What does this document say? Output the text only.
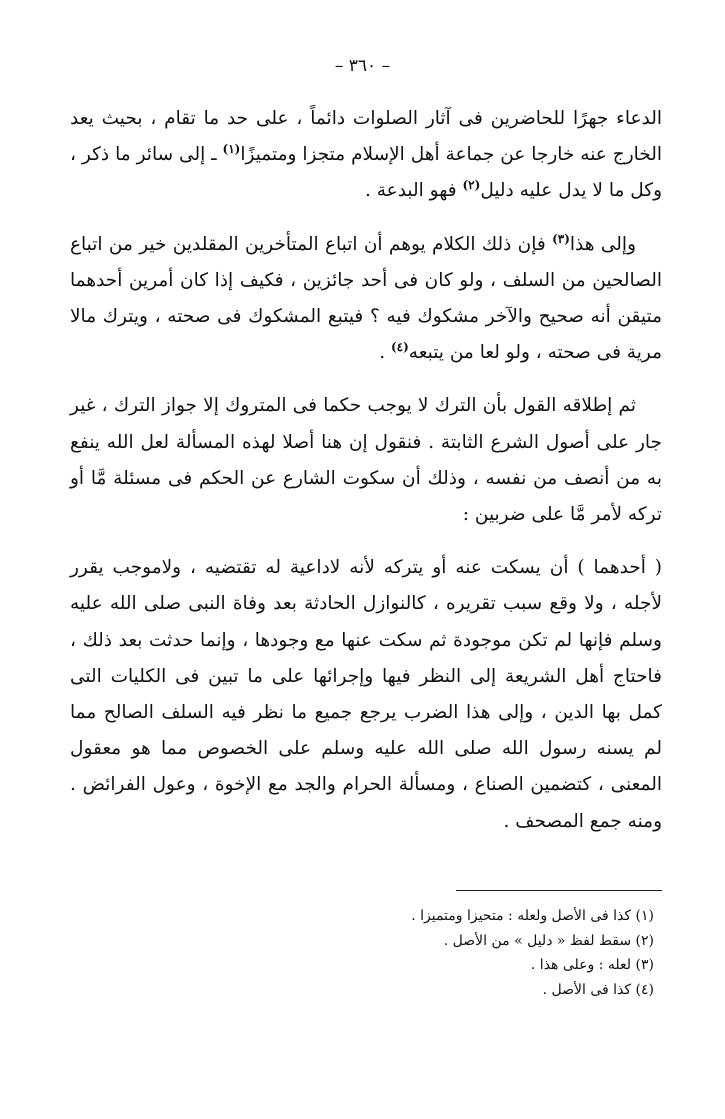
– ٣٦٠ –

الدعاء جهرًا للحاضرين فى آثار الصلوات دائماً ، على حد ما تقام ، بحيث يعد الخارج عنه خارجا عن جماعة أهل الإسلام متجزا ومتميزًا$^{(١)}$ ـ إلى سائر ما ذكر ، وكل ما لا يدل عليه دليل$^{(٢)}$ فهو البدعة .

وإلى هذا$^{(٣)}$ فإن ذلك الكلام يوهم أن اتباع المتأخرين المقلدين خير من اتباع الصالحين من السلف ، ولو كان فى أحد جائزين ، فكيف إذا كان أمرين أحدهما متيقن أنه صحيح والآخر مشكوك فيه ؟ فيتبع المشكوك فى صحته ، ويترك مالا مرية فى صحته ، ولو لعا من يتبعه$^{(٤)}$ .

ثم إطلاقه القول بأن الترك لا يوجب حكما فى المتروك إلا جواز الترك ، غير جار على أصول الشرع الثابتة . فنقول إن هنا أصلا لهذه المسألة لعل الله ينفع به من أنصف من نفسه ، وذلك أن سكوت الشارع عن الحكم فى مسئلة مَّا أو تركه لأمر مَّا على ضربين :

( أحدهما ) أن يسكت عنه أو يتركه لأنه لاداعية له تقتضيه ، ولاموجب يقرر لأجله ، ولا وقع سبب تقريره ، كالنوازل الحادثة بعد وفاة النبى صلى الله عليه وسلم فإنها لم تكن موجودة ثم سكت عنها مع وجودها ، وإنما حدثت بعد ذلك ، فاحتاج أهل الشريعة إلى النظر فيها وإجرائها على ما تبين فى الكليات التى كمل بها الدين ، وإلى هذا الضرب يرجع جميع ما نظر فيه السلف الصالح مما لم يسنه رسول الله صلى الله عليه وسلم على الخصوص مما هو معقول المعنى ، كتضمين الصناع ، ومسألة الحرام والجد مع الإخوة ، وعول الفرائض . ومنه جمع المصحف .

(١) كذا فى الأصل ولعله : متحيزا ومتميزا .
(٢) سقط لفظ « دليل » من الأصل .
(٣) لعله : وعلى هذا .
(٤) كذا فى الأصل .
